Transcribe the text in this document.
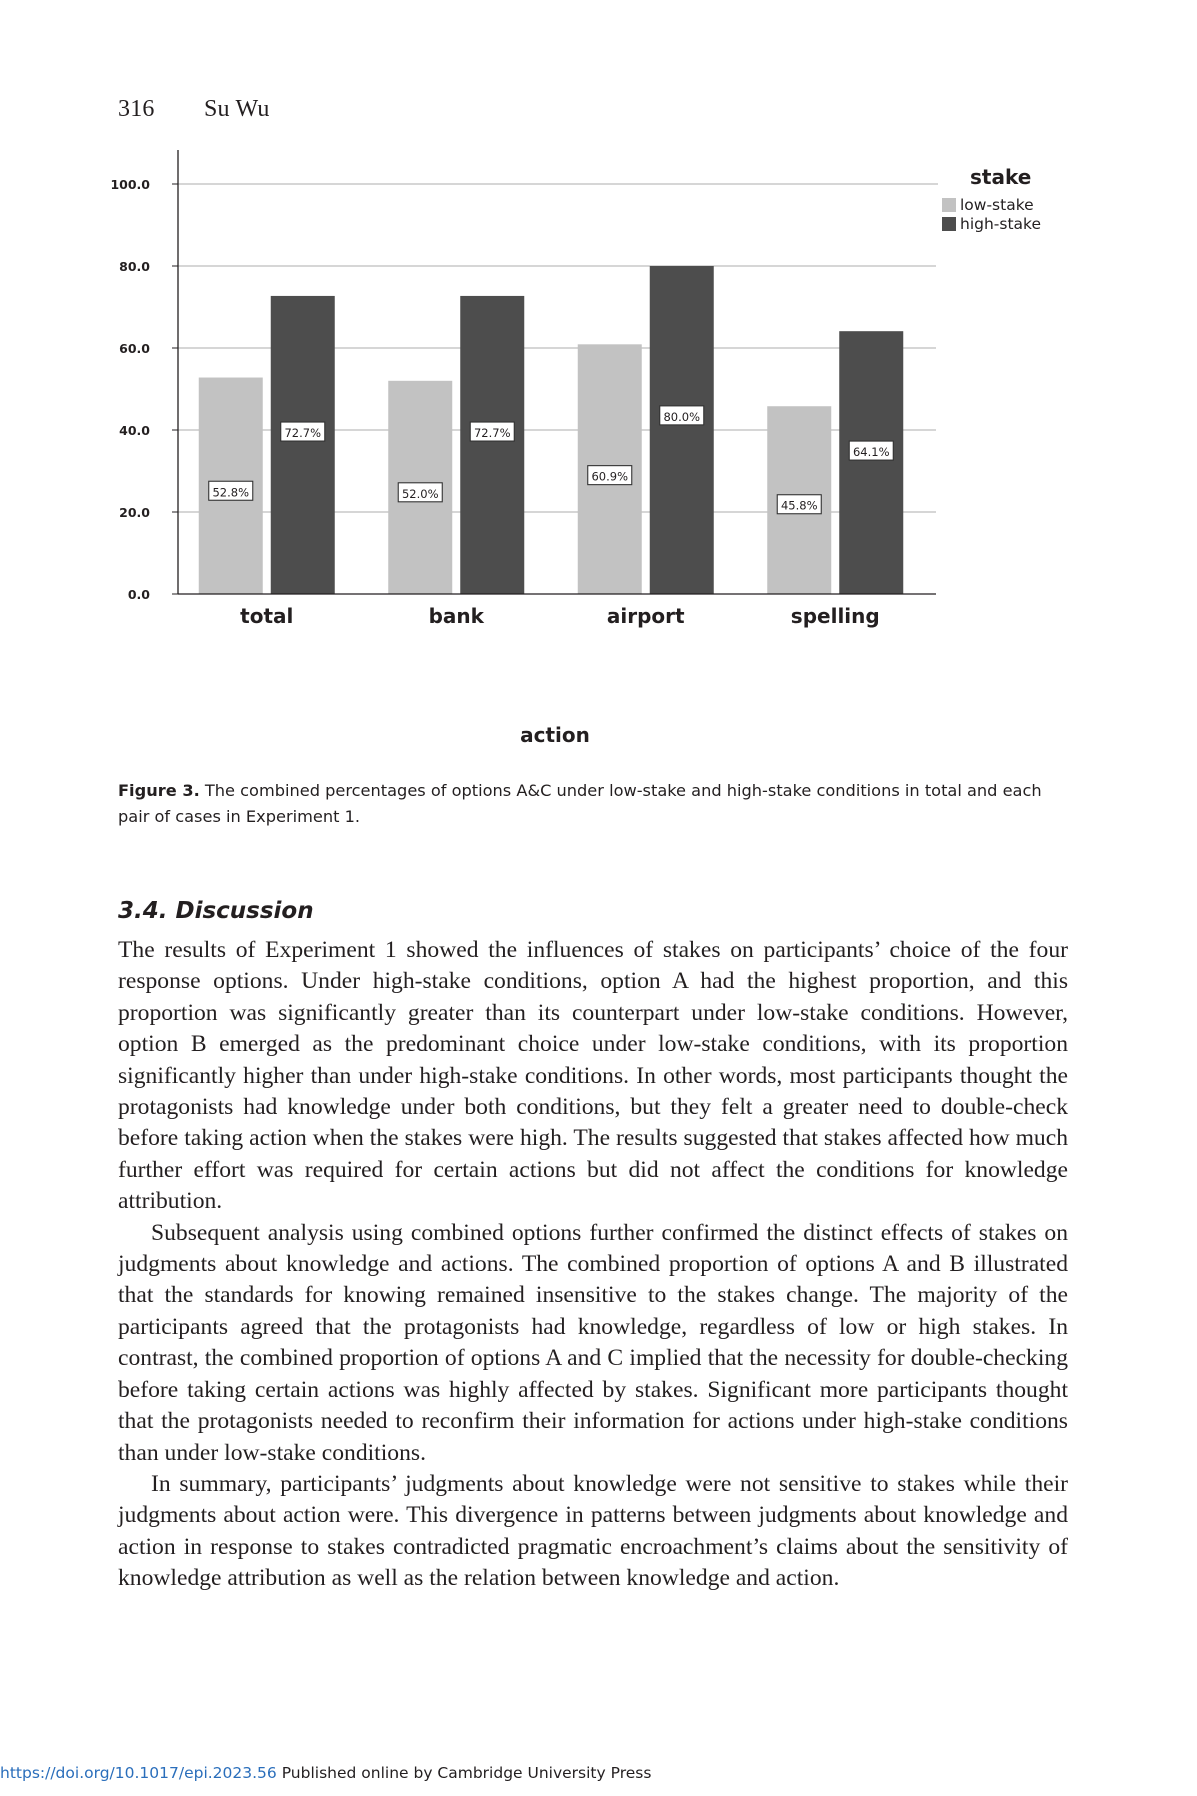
316 Su Wu
52.8%
72.7%
52.0%
72.7%
60.9%
80.0%
45.8%
64.1%
0.0
20.0
40.0
60.0
80.0
100.0
total	bank	airport	spelling
action
stake
low-stake
high-stake
Figure 3. The combined percentages of options A&C under low-stake and high-stake conditions in total and each pair of cases in Experiment 1.
3.4. Discussion

The results of Experiment 1 showed the influences of stakes on participants’ choice of the four response options. Under high-stake conditions, option A had the highest proportion, and this proportion was significantly greater than its counterpart under low-stake conditions. However, option B emerged as the predominant choice under low-stake conditions, with its proportion significantly higher than under high-stake conditions. In other words, most participants thought the protagonists had knowledge under both conditions, but they felt a greater need to double-check before taking action when the stakes were high. The results suggested that stakes affected how much further effort was required for certain actions but did not affect the conditions for knowledge attribution.

Subsequent analysis using combined options further confirmed the distinct effects of stakes on judgments about knowledge and actions. The combined proportion of options A and B illustrated that the standards for knowing remained insensitive to the stakes change. The majority of the participants agreed that the protagonists had knowledge, regardless of low or high stakes. In contrast, the combined proportion of options A and C implied that the necessity for double-checking before taking certain actions was highly affected by stakes. Significant more participants thought that the protagonists needed to reconfirm their information for actions under high-stake conditions than under low-stake conditions.

In summary, participants’ judgments about knowledge were not sensitive to stakes while their judgments about action were. This divergence in patterns between judgments about knowledge and action in response to stakes contradicted pragmatic encroachment’s claims about the sensitivity of knowledge attribution as well as the relation between knowledge and action.

https://doi.org/10.1017/epi.2023.56 Published online by Cambridge University Press
